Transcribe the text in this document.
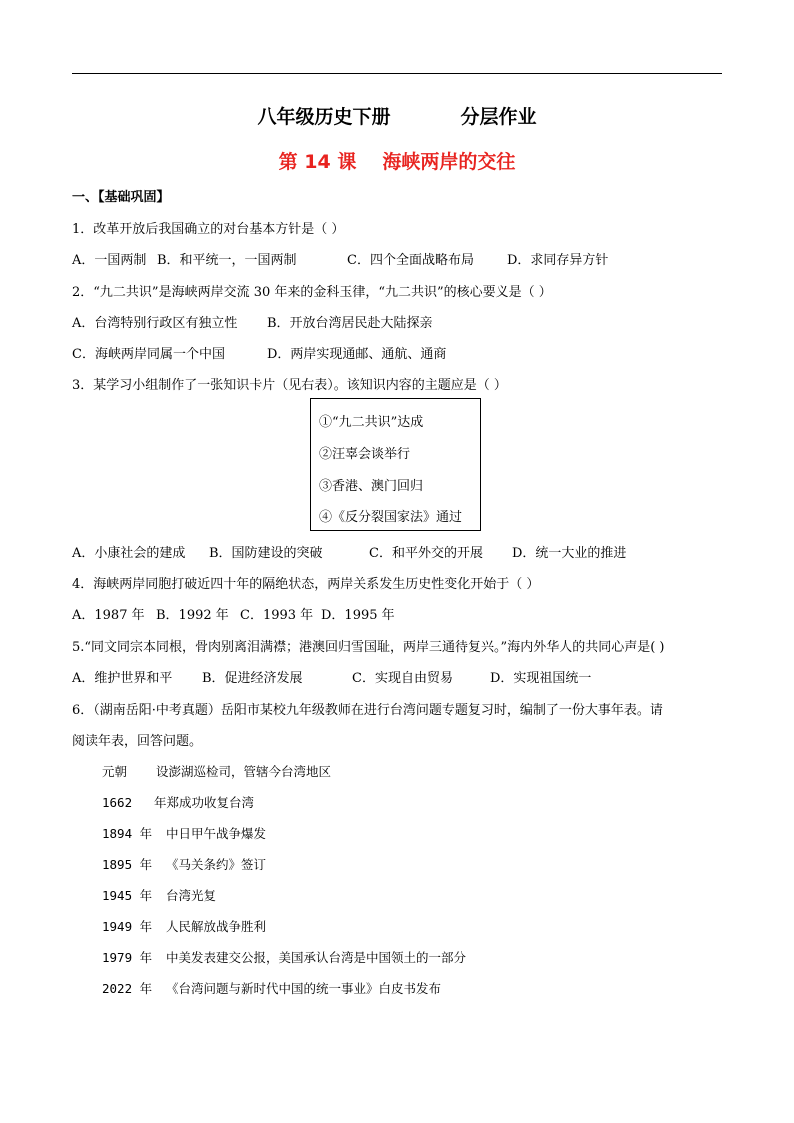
八年级历史下册	分层作业
第 14 课 海峡两岸的交往
一、【基础巩固】
1．改革开放后我国确立的对台基本方针是（ ）
A．一国两制 B．和平统一，一国两制	C．四个全面战略布局	D．求同存异方针
2．“九二共识”是海峡两岸交流 30 年来的金科玉律，“九二共识”的核心要义是（ ）
A．台湾特别行政区有独立性 B．开放台湾居民赴大陆探亲
C．海峡两岸同属一个中国	D．两岸实现通邮、通航、通商
3．某学习小组制作了一张知识卡片（见右表）。该知识内容的主题应是（ ）
①“九二共识”达成
②汪辜会谈举行
③香港、澳门回归
④《反分裂国家法》通过
A．小康社会的建成 B．国防建设的突破	C．和平外交的开展 D．统一大业的推进
4．海峡两岸同胞打破近四十年的隔绝状态，两岸关系发生历史性变化开始于（ ）
A．1987 年 B．1992 年 C．1993 年 D．1995 年
5.“同文同宗本同根，骨肉别离泪满襟；港澳回归雪国耻，两岸三通待复兴。”海内外华人的共同心声是( )
A．维护世界和平 B．促进经济发展	C．实现自由贸易	D．实现祖国统一
6．（湖南岳阳·中考真题）岳阳市某校九年级教师在进行台湾问题专题复习时，编制了一份大事年表。请
阅读年表，回答问题。
元朝 设澎湖巡检司，管辖今台湾地区
1662 年郑成功收复台湾
1894 年 中日甲午战争爆发
1895 年 《马关条约》签订
1945 年 台湾光复
1949 年 人民解放战争胜利
1979 年 中美发表建交公报，美国承认台湾是中国领土的一部分
2022 年 《台湾问题与新时代中国的统一事业》白皮书发布
